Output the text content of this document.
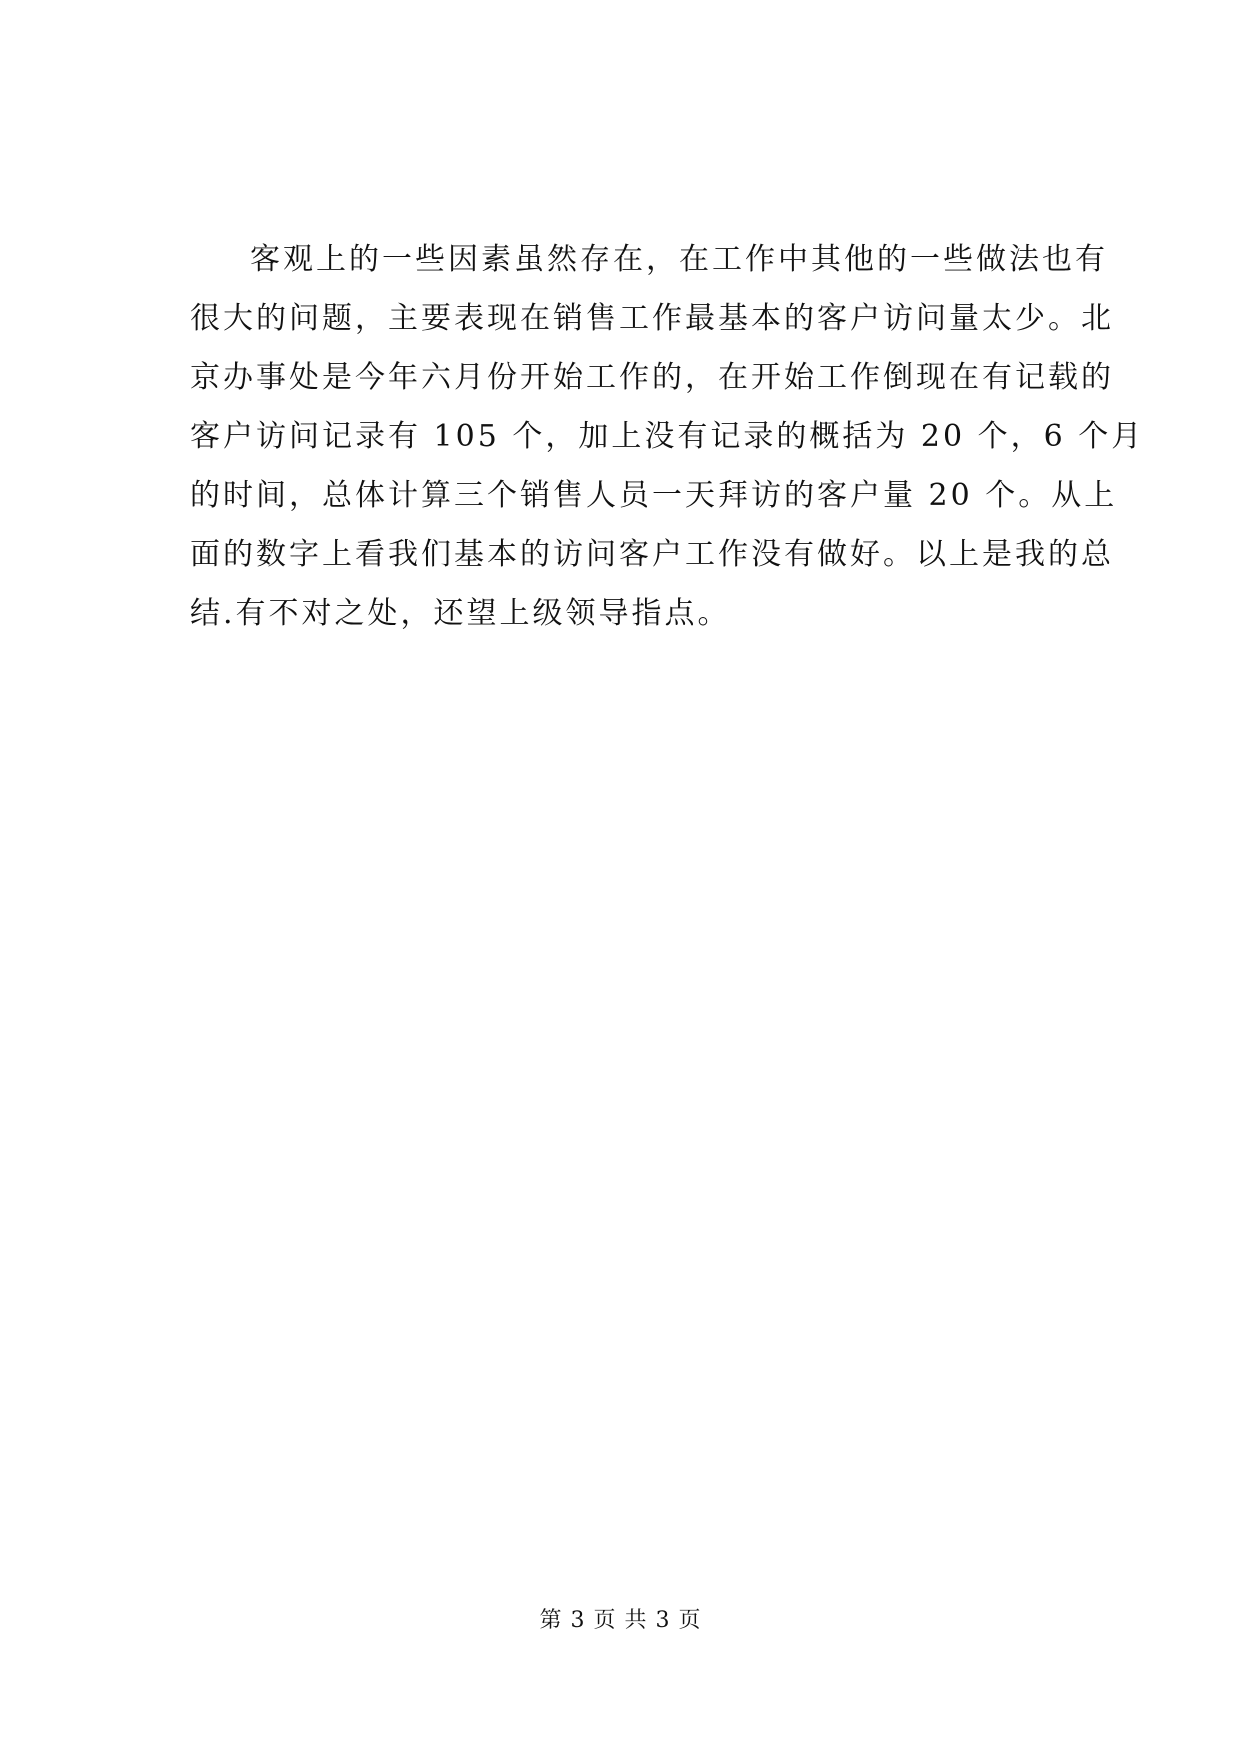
客观上的一些因素虽然存在，在工作中其他的一些做法也有
很大的问题，主要表现在销售工作最基本的客户访问量太少。北
京办事处是今年六月份开始工作的，在开始工作倒现在有记载的
客户访问记录有 105 个，加上没有记录的概括为 20 个，6 个月
的时间，总体计算三个销售人员一天拜访的客户量 20 个。从上
面的数字上看我们基本的访问客户工作没有做好。以上是我的总
结.有不对之处，还望上级领导指点。
第 3 页 共 3 页
